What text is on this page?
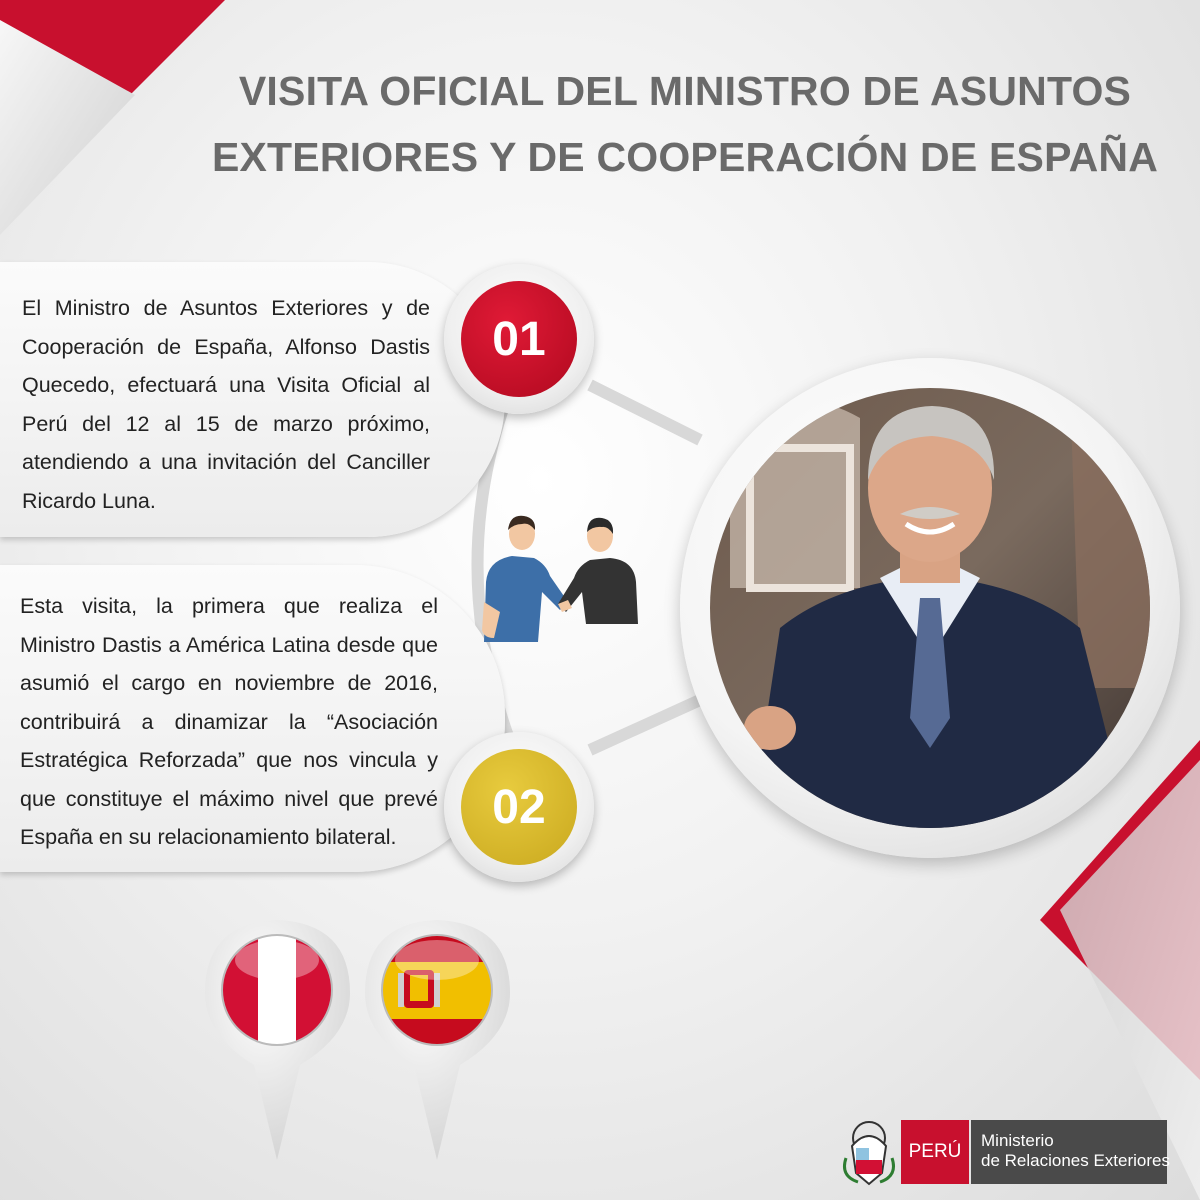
VISITA OFICIAL DEL MINISTRO DE ASUNTOS
EXTERIORES Y DE COOPERACIÓN DE ESPAÑA
El Ministro de Asuntos Exteriores y de Cooperación de España, Alfonso Dastis Quecedo, efectuará una Visita Oficial al Perú del 12 al 15 de marzo próximo, atendiendo a una invitación del Canciller Ricardo Luna.
01
Esta visita, la primera que realiza el Ministro Dastis a América Latina desde que asumió el cargo en noviembre de 2016, contribuirá a dinamizar la “Asociación Estratégica Reforzada” que nos vincula y que constituye el máximo nivel que prevé España en su relacionamiento bilateral.
02
PERÚ
Ministerio
de Relaciones Exteriores
